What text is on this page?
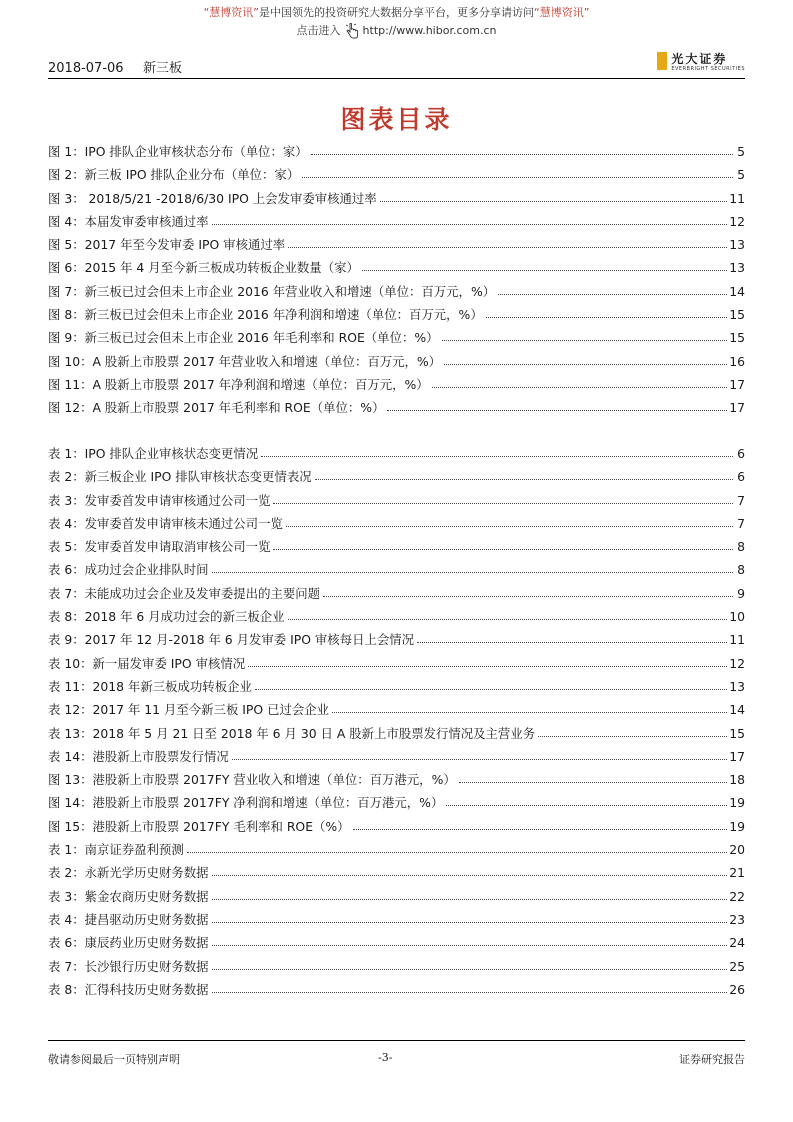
“慧博资讯”是中国领先的投资研究大数据分享平台，更多分享请访问“慧博资讯”
点击进入 http://www.hibor.com.cn
2018-07-06 新三板
光大证券
EVERBRIGHT SECURITIES
图表目录
图 1：IPO 排队企业审核状态分布（单位：家）	5
图 2：新三板 IPO 排队企业分布（单位：家）	5
图 3： 2018/5/21 -2018/6/30 IPO 上会发审委审核通过率	11
图 4：本届发审委审核通过率	12
图 5：2017 年至今发审委 IPO 审核通过率	13
图 6：2015 年 4 月至今新三板成功转板企业数量（家）	13
图 7：新三板已过会但未上市企业 2016 年营业收入和增速（单位：百万元，%）	14
图 8：新三板已过会但未上市企业 2016 年净利润和增速（单位：百万元，%）	15
图 9：新三板已过会但未上市企业 2016 年毛利率和 ROE（单位：%）	15
图 10：A 股新上市股票 2017 年营业收入和增速（单位：百万元，%）	16
图 11：A 股新上市股票 2017 年净利润和增速（单位：百万元，%）	17
图 12：A 股新上市股票 2017 年毛利率和 ROE（单位：%）	17
表 1：IPO 排队企业审核状态变更情况	6
表 2：新三板企业 IPO 排队审核状态变更情表况	6
表 3：发审委首发申请审核通过公司一览	7
表 4：发审委首发申请审核未通过公司一览	7
表 5：发审委首发申请取消审核公司一览	8
表 6：成功过会企业排队时间	8
表 7：未能成功过会企业及发审委提出的主要问题	9
表 8：2018 年 6 月成功过会的新三板企业	10
表 9：2017 年 12 月-2018 年 6 月发审委 IPO 审核每日上会情况	11
表 10：新一届发审委 IPO 审核情况	12
表 11：2018 年新三板成功转板企业	13
表 12：2017 年 11 月至今新三板 IPO 已过会企业	14
表 13：2018 年 5 月 21 日至 2018 年 6 月 30 日 A 股新上市股票发行情况及主营业务	15
表 14：港股新上市股票发行情况	17
图 13：港股新上市股票 2017FY 营业收入和增速（单位：百万港元，%）	18
图 14：港股新上市股票 2017FY 净利润和增速（单位：百万港元，%）	19
图 15：港股新上市股票 2017FY 毛利率和 ROE（%）	19
表 1：南京证券盈利预测	20
表 2：永新光学历史财务数据	21
表 3：紫金农商历史财务数据	22
表 4：捷昌驱动历史财务数据	23
表 6：康辰药业历史财务数据	24
表 7：长沙银行历史财务数据	25
表 8：汇得科技历史财务数据	26
敬请参阅最后一页特别声明	-3-	证券研究报告
